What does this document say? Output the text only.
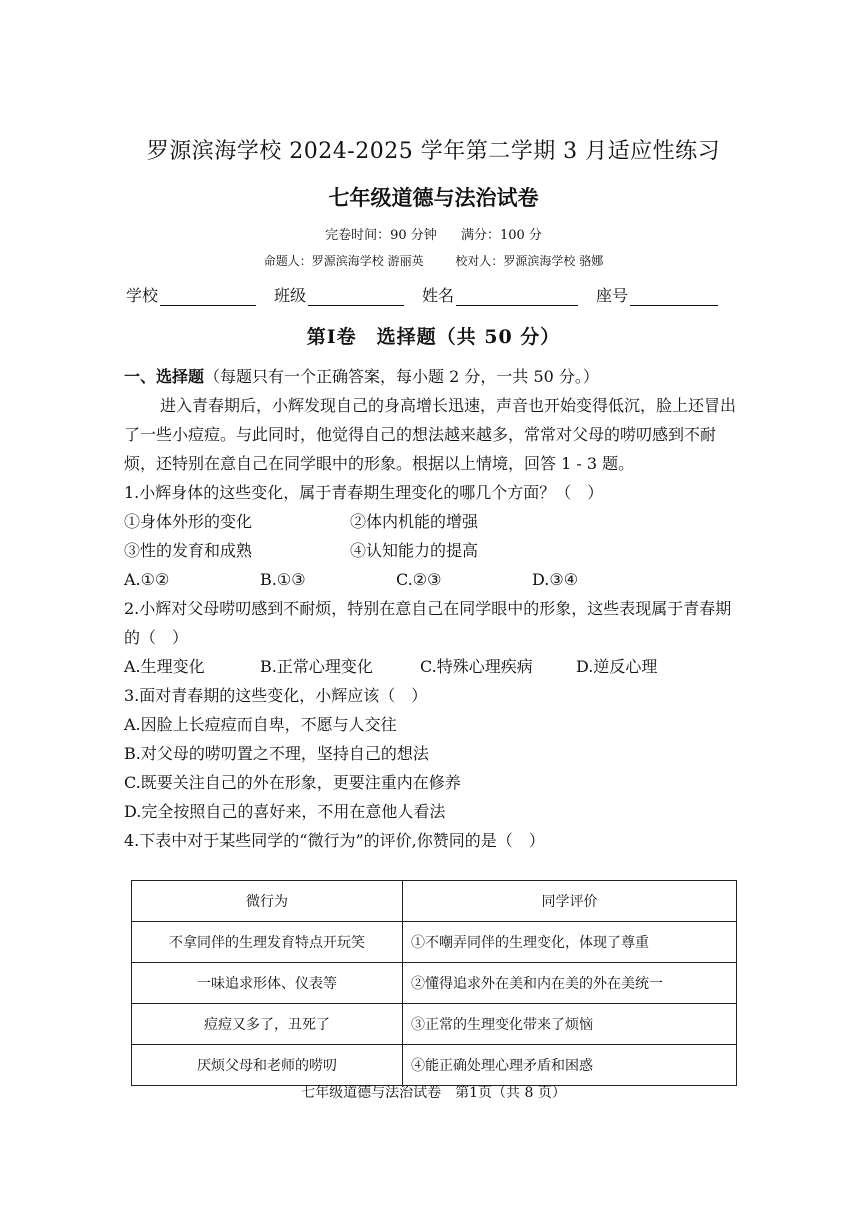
罗源滨海学校 2024-2025 学年第二学期 3 月适应性练习
七年级道德与法治试卷
完卷时间：90 分钟 满分：100 分
命题人：罗源滨海学校 游丽英	校对人：罗源滨海学校 骆娜
学校	班级	姓名	座号
第Ⅰ卷　选择题（共 50 分）

一、选择题（每题只有一个正确答案，每小题 2 分，一共 50 分。）

进入青春期后，小辉发现自己的身高增长迅速，声音也开始变得低沉，脸上还冒出了一些小痘痘。与此同时，他觉得自己的想法越来越多，常常对父母的唠叨感到不耐烦，还特别在意自己在同学眼中的形象。根据以上情境，回答 1 - 3 题。

1.小辉身体的这些变化，属于青春期生理变化的哪几个方面？（　）

①身体外形的变化	②体内机能的增强
③性的发育和成熟	④认知能力的提高
A.①②	B.①③	C.②③	D.③④

2.小辉对父母唠叨感到不耐烦，特别在意自己在同学眼中的形象，这些表现属于青春期的（　）

A.生理变化	B.正常心理变化	C.特殊心理疾病	D.逆反心理

3.面对青春期的这些变化，小辉应该（　）

A.因脸上长痘痘而自卑，不愿与人交往

B.对父母的唠叨置之不理，坚持自己的想法

C.既要关注自己的外在形象，更要注重内在修养

D.完全按照自己的喜好来，不用在意他人看法

4.下表中对于某些同学的“微行为”的评价,你赞同的是（　）

微行为	同学评价
不拿同伴的生理发育特点开玩笑	①不嘲弄同伴的生理变化，体现了尊重
一味追求形体、仪表等	②懂得追求外在美和内在美的外在美统一
痘痘又多了，丑死了	③正常的生理变化带来了烦恼
厌烦父母和老师的唠叨	④能正确处理心理矛盾和困惑
七年级道德与法治试卷　第1页（共 8 页）
